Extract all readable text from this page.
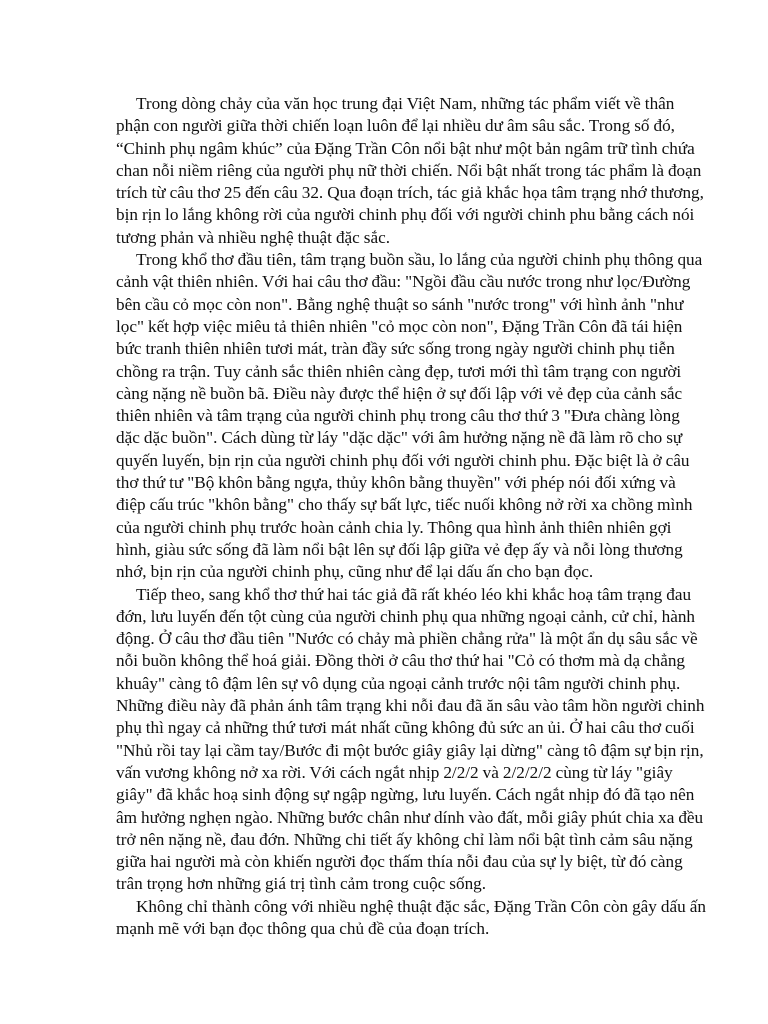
Trong dòng chảy của văn học trung đại Việt Nam, những tác phẩm viết về thân phận con người giữa thời chiến loạn luôn để lại nhiều dư âm sâu sắc. Trong số đó, “Chinh phụ ngâm khúc” của Đặng Trần Côn nổi bật như một bản ngâm trữ tình chứa chan nỗi niềm riêng của người phụ nữ thời chiến. Nổi bật nhất trong tác phẩm là đoạn trích từ câu thơ 25 đến câu 32. Qua đoạn trích, tác giả khắc họa tâm trạng nhớ thương, bịn rịn lo lắng không rời của người chinh phụ đối với người chinh phu bằng cách nói tương phản và nhiều nghệ thuật đặc sắc.

Trong khổ thơ đầu tiên, tâm trạng buồn sầu, lo lắng của người chinh phụ thông qua cảnh vật thiên nhiên. Với hai câu thơ đầu: "Ngồi đầu cầu nước trong như lọc/Đường bên cầu cỏ mọc còn non". Bằng nghệ thuật so sánh "nước trong" với hình ảnh "như lọc" kết hợp việc miêu tả thiên nhiên "cỏ mọc còn non", Đặng Trần Côn đã tái hiện bức tranh thiên nhiên tươi mát, tràn đầy sức sống trong ngày người chinh phụ tiễn chồng ra trận. Tuy cảnh sắc thiên nhiên càng đẹp, tươi mới thì tâm trạng con người càng nặng nề buồn bã. Điều này được thể hiện ở sự đối lập với vẻ đẹp của cảnh sắc thiên nhiên và tâm trạng của người chinh phụ trong câu thơ thứ 3 "Đưa chàng lòng dặc dặc buồn". Cách dùng từ láy "dặc dặc" với âm hưởng nặng nề đã làm rõ cho sự quyến luyến, bịn rịn của người chinh phụ đối với người chinh phu. Đặc biệt là ở câu thơ thứ tư "Bộ khôn bằng ngựa, thủy khôn bằng thuyền" với phép nói đối xứng và điệp cấu trúc "khôn bằng" cho thấy sự bất lực, tiếc nuối không nở rời xa chồng mình của người chinh phụ trước hoàn cảnh chia ly. Thông qua hình ảnh thiên nhiên gợi hình, giàu sức sống đã làm nổi bật lên sự đối lập giữa vẻ đẹp ấy và nỗi lòng thương nhớ, bịn rịn của người chinh phụ, cũng như để lại dấu ấn cho bạn đọc.

Tiếp theo, sang khổ thơ thứ hai tác giả đã rất khéo léo khi khắc hoạ tâm trạng đau đớn, lưu luyến đến tột cùng của người chinh phụ qua những ngoại cảnh, cử chỉ, hành động. Ở câu thơ đầu tiên "Nước có chảy mà phiền chẳng rửa" là một ẩn dụ sâu sắc về nỗi buồn không thể hoá giải. Đồng thời ở câu thơ thứ hai "Cỏ có thơm mà dạ chẳng khuây" càng tô đậm lên sự vô dụng của ngoại cảnh trước nội tâm người chinh phụ. Những điều này đã phản ánh tâm trạng khi nỗi đau đã ăn sâu vào tâm hồn người chinh phụ thì ngay cả những thứ tươi mát nhất cũng không đủ sức an ủi. Ở hai câu thơ cuối "Nhủ rồi tay lại cầm tay/Bước đi một bước giây giây lại dừng" càng tô đậm sự bịn rịn, vấn vương không nở xa rời. Với cách ngắt nhịp 2/2/2 và 2/2/2/2 cùng từ láy "giây giây" đã khắc hoạ sinh động sự ngập ngừng, lưu luyến. Cách ngắt nhịp đó đã tạo nên âm hưởng nghẹn ngào. Những bước chân như dính vào đất, mỗi giây phút chia xa đều trở nên nặng nề, đau đớn. Những chi tiết ấy không chỉ làm nổi bật tình cảm sâu nặng giữa hai người mà còn khiến người đọc thấm thía nỗi đau của sự ly biệt, từ đó càng trân trọng hơn những giá trị tình cảm trong cuộc sống.

Không chỉ thành công với nhiều nghệ thuật đặc sắc, Đặng Trần Côn còn gây dấu ấn mạnh mẽ với bạn đọc thông qua chủ đề của đoạn trích.
